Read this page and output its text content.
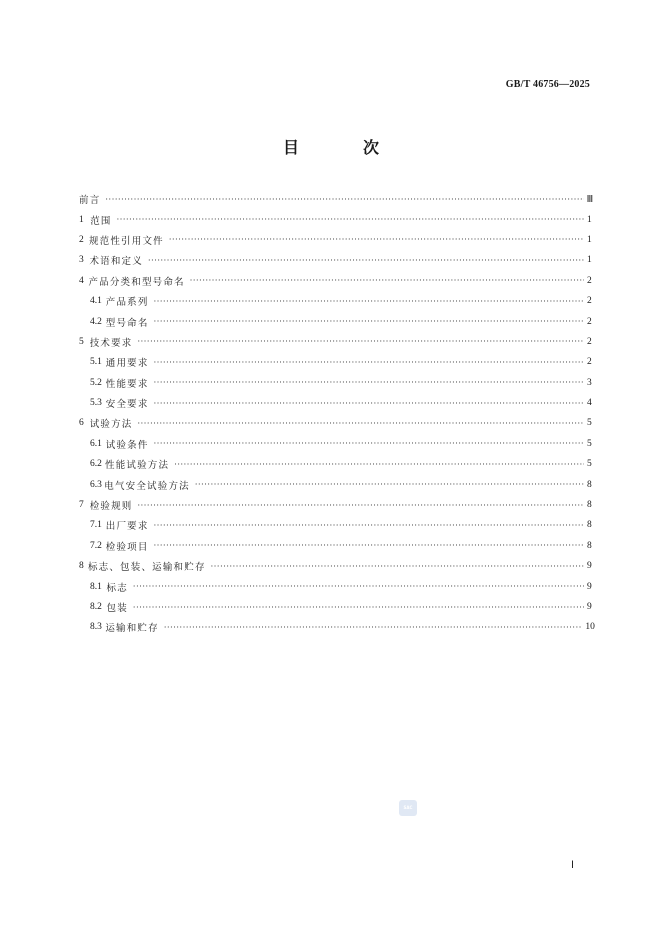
GB/T 46756—2025
目　次
前言 ·····	Ⅲ
1 范围 ·····	1
2 规范性引用文件 ·····	1
3 术语和定义 ·····	1
4 产品分类和型号命名 ·····	2
4.1 产品系列 ·····	2
4.2 型号命名 ·····	2
5 技术要求 ·····	2
5.1 通用要求 ·····	2
5.2 性能要求 ·····	3
5.3 安全要求 ·····	4
6 试验方法 ·····	5
6.1 试验条件 ·····	5
6.2 性能试验方法 ·····	5
6.3 电气安全试验方法 ·····	8
7 检验规则 ·····	8
7.1 出厂要求 ·····	8
7.2 检验项目 ·····	8
8 标志、包装、运输和贮存 ·····	9
8.1 标志 ·····	9
8.2 包装 ·····	9
8.3 运输和贮存 ·····	10
SAC
Ⅰ
